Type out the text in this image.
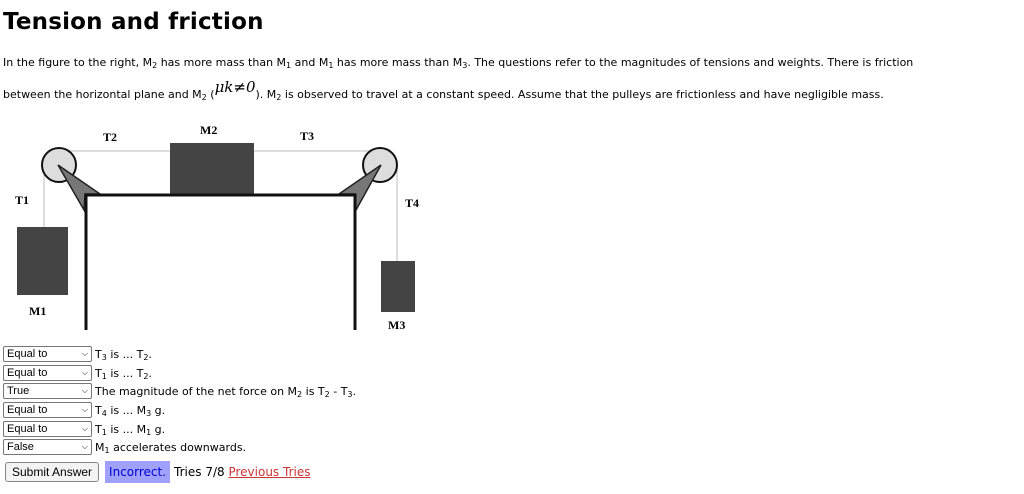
Tension and friction
In the figure to the right, $M_2$ has more mass than $M_1$ and $M_1$ has more mass than $M_3$. The questions refer to the magnitudes of tensions and weights. There is friction
between the horizontal plane and $M_2$ (μk≠0). $M_2$ is observed to travel at a constant speed. Assume that the pulleys are frictionless and have negligible mass.
T2	M2	T3
T1	T4
M1
M3
Equal to	⌵ $T_3$ is ... $T_2$.
Equal to	⌵ $T_1$ is ... $T_2$.
True	⌵ The magnitude of the net force on $M_2$ is $T_2 - T_3$.
Equal to	⌵ $T_4$ is ... $M_3$ g.
Equal to	⌵ $T_1$ is ... $M_1$ g.
False	⌵ $M_1$ accelerates downwards.
Submit Answer	Incorrect. Tries 7/8
Previous Tries
